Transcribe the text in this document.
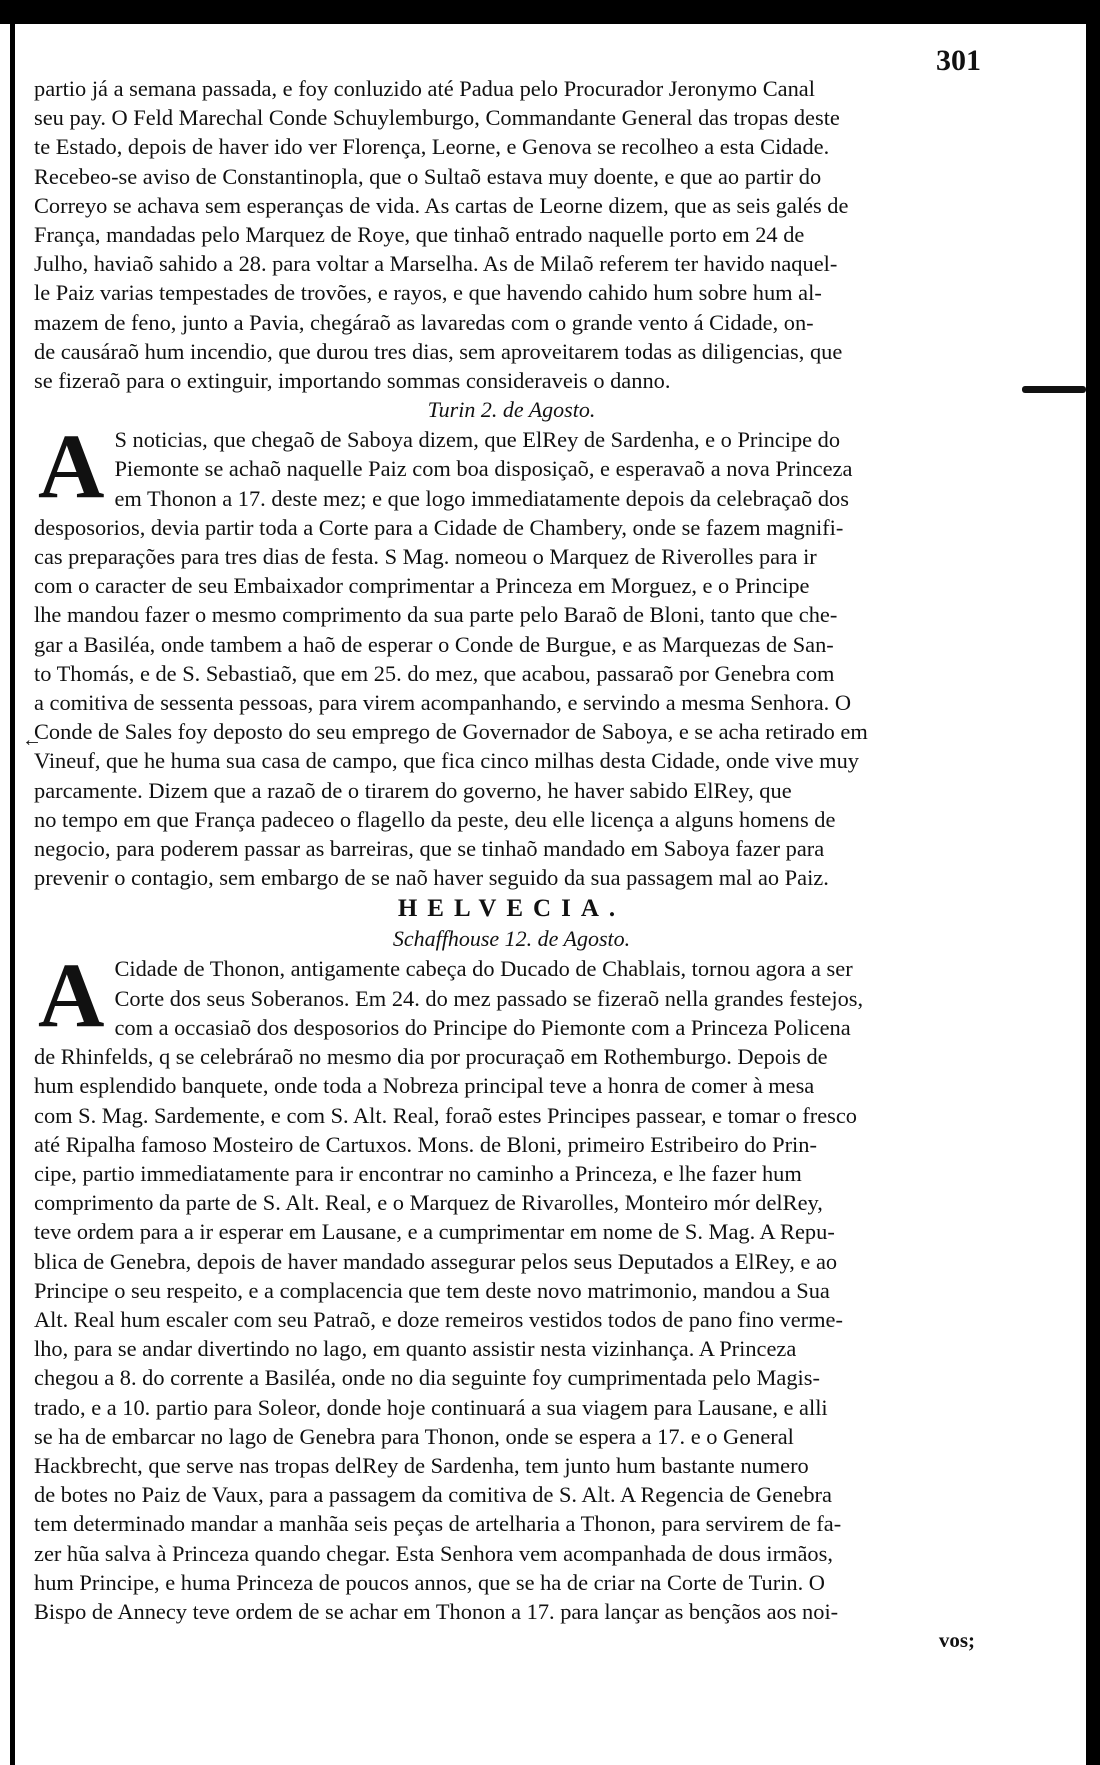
←
301

partio já a semana passada, e foy conluzido até Padua pelo Procurador Jeronymo Canal
seu pay. O Feld Marechal Conde Schuylemburgo, Commandante General das tropas deste
te Estado, depois de haver ido ver Florença, Leorne, e Genova se recolheo a esta Cidade.
Recebeo-se aviso de Constantinopla, que o Sultaõ estava muy doente, e que ao partir do
Correyo se achava sem esperanças de vida. As cartas de Leorne dizem, que as seis galés de
França, mandadas pelo Marquez de Roye, que tinhaõ entrado naquelle porto em 24 de
Julho, haviaõ sahido a 28. para voltar a Marselha. As de Milaõ referem ter havido naquel-
le Paiz varias tempestades de trovões, e rayos, e que havendo cahido hum sobre hum al-
mazem de feno, junto a Pavia, chegáraõ as lavaredas com o grande vento á Cidade, on-
de causáraõ hum incendio, que durou tres dias, sem aproveitarem todas as diligencias, que
se fizeraõ para o extinguir, importando sommas consideraveis o danno.

Turin 2. de Agosto.

A S noticias, que chegaõ de Saboya dizem, que ElRey de Sardenha, e o Principe do
Piemonte se achaõ naquelle Paiz com boa disposiçaõ, e esperavaõ a nova Princeza
em Thonon a 17. deste mez; e que logo immediatamente depois da celebraçaõ dos
desposorios, devia partir toda a Corte para a Cidade de Chambery, onde se fazem magnifi-
cas preparações para tres dias de festa. S Mag. nomeou o Marquez de Riverolles para ir
com o caracter de seu Embaixador comprimentar a Princeza em Morguez, e o Principe
lhe mandou fazer o mesmo comprimento da sua parte pelo Baraõ de Bloni, tanto que che-
gar a Basiléa, onde tambem a haõ de esperar o Conde de Burgue, e as Marquezas de San-
to Thomás, e de S. Sebastiaõ, que em 25. do mez, que acabou, passaraõ por Genebra com
a comitiva de sessenta pessoas, para virem acompanhando, e servindo a mesma Senhora. O
Conde de Sales foy deposto do seu emprego de Governador de Saboya, e se acha retirado em
Vineuf, que he huma sua casa de campo, que fica cinco milhas desta Cidade, onde vive muy
parcamente. Dizem que a razaõ de o tirarem do governo, he haver sabido ElRey, que
no tempo em que França padeceo o flagello da peste, deu elle licença a alguns homens de
negocio, para poderem passar as barreiras, que se tinhaõ mandado em Saboya fazer para
prevenir o contagio, sem embargo de se naõ haver seguido da sua passagem mal ao Paiz.

HELVECIA.

Schaffhouse 12. de Agosto.

A Cidade de Thonon, antigamente cabeça do Ducado de Chablais, tornou agora a ser
Corte dos seus Soberanos. Em 24. do mez passado se fizeraõ nella grandes festejos,
com a occasiaõ dos desposorios do Principe do Piemonte com a Princeza Policena
de Rhinfelds, q se celebráraõ no mesmo dia por procuraçaõ em Rothemburgo. Depois de
hum esplendido banquete, onde toda a Nobreza principal teve a honra de comer à mesa
com S. Mag. Sardemente, e com S. Alt. Real, foraõ estes Principes passear, e tomar o fresco
até Ripalha famoso Mosteiro de Cartuxos. Mons. de Bloni, primeiro Estribeiro do Prin-
cipe, partio immediatamente para ir encontrar no caminho a Princeza, e lhe fazer hum
comprimento da parte de S. Alt. Real, e o Marquez de Rivarolles, Monteiro mór delRey,
teve ordem para a ir esperar em Lausane, e a cumprimentar em nome de S. Mag. A Repu-
blica de Genebra, depois de haver mandado assegurar pelos seus Deputados a ElRey, e ao
Principe o seu respeito, e a complacencia que tem deste novo matrimonio, mandou a Sua
Alt. Real hum escaler com seu Patraõ, e doze remeiros vestidos todos de pano fino verme-
lho, para se andar divertindo no lago, em quanto assistir nesta vizinhança. A Princeza
chegou a 8. do corrente a Basiléa, onde no dia seguinte foy cumprimentada pelo Magis-
trado, e a 10. partio para Soleor, donde hoje continuará a sua viagem para Lausane, e alli
se ha de embarcar no lago de Genebra para Thonon, onde se espera a 17. e o General
Hackbrecht, que serve nas tropas delRey de Sardenha, tem junto hum bastante numero
de botes no Paiz de Vaux, para a passagem da comitiva de S. Alt. A Regencia de Genebra
tem determinado mandar a manhãa seis peças de artelharia a Thonon, para servirem de fa-
zer hũa salva à Princeza quando chegar. Esta Senhora vem acompanhada de dous irmãos,
hum Principe, e huma Princeza de poucos annos, que se ha de criar na Corte de Turin. O
Bispo de Annecy teve ordem de se achar em Thonon a 17. para lançar as bençãos aos noi-
vos;
